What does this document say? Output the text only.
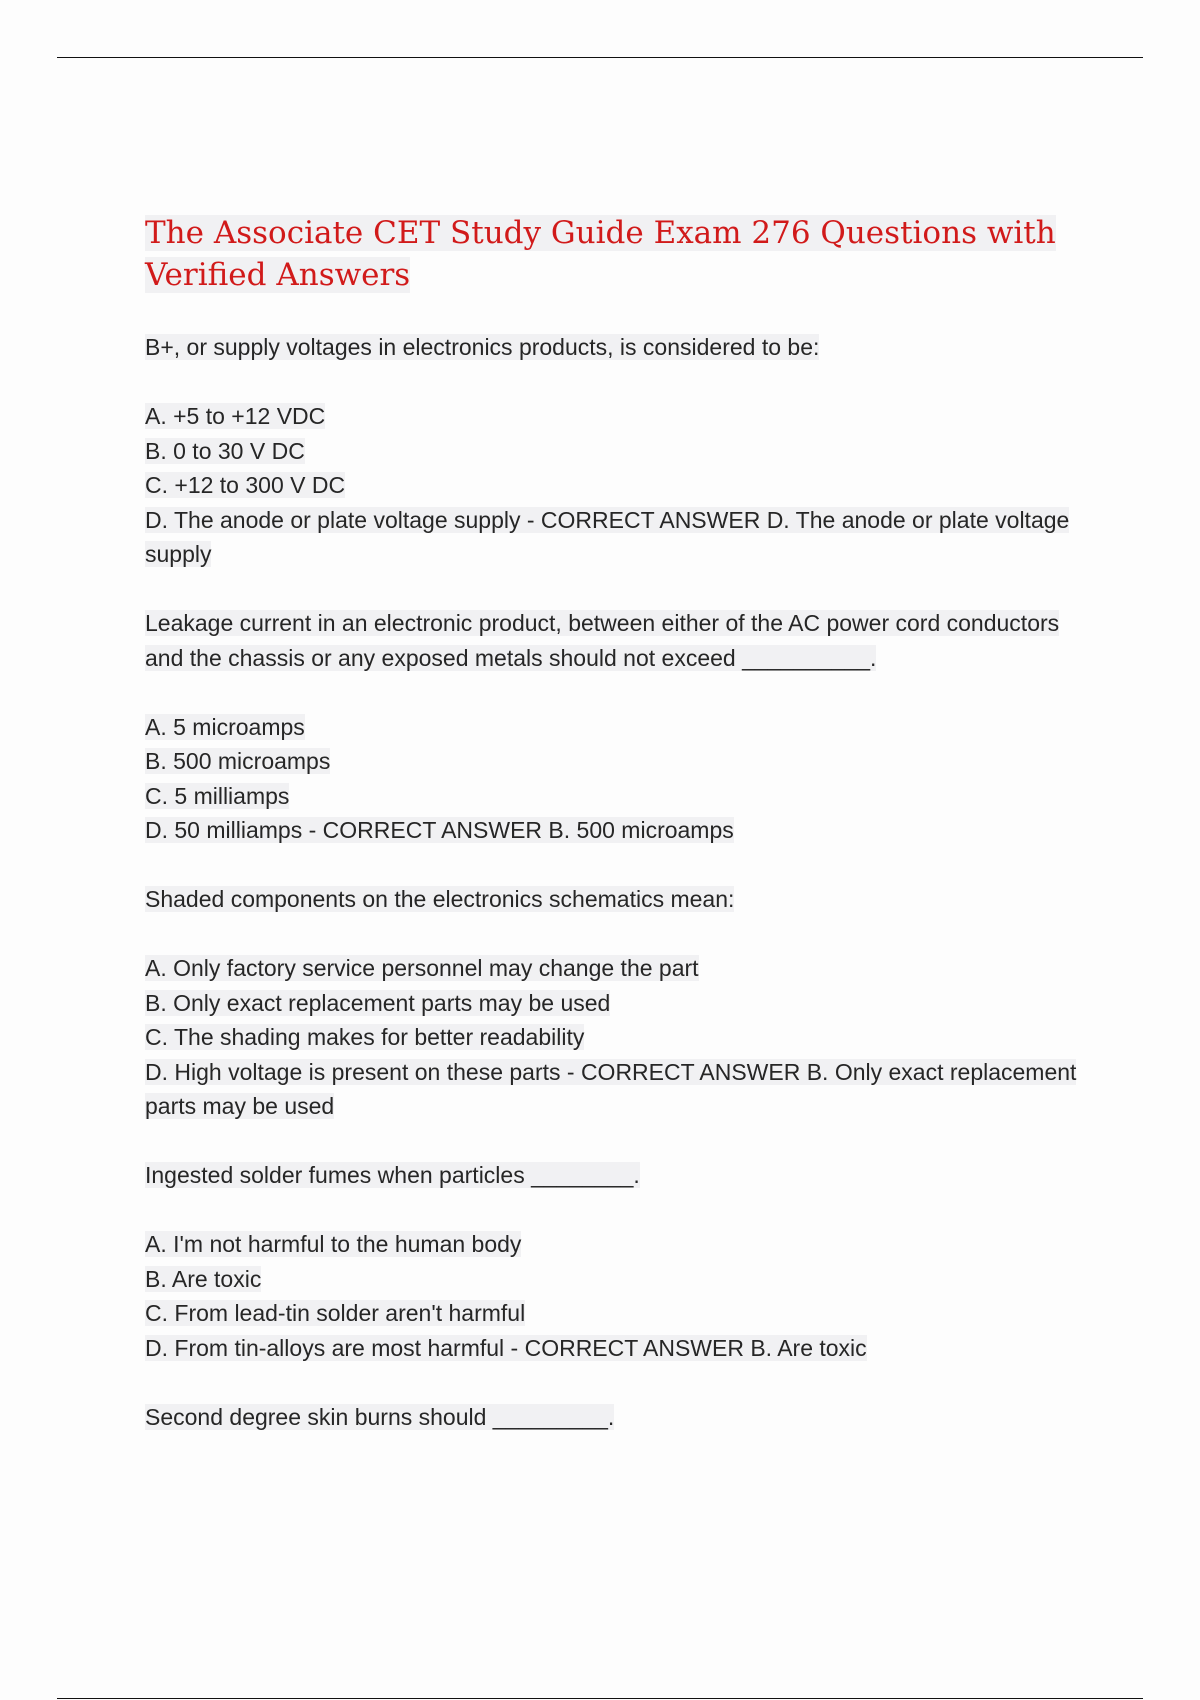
The Associate CET Study Guide Exam 276 Questions with Verified Answers

B+, or supply voltages in electronics products, is considered to be:

A. +5 to +12 VDC
B. 0 to 30 V DC
C. +12 to 300 V DC
D. The anode or plate voltage supply - CORRECT ANSWER D. The anode or plate voltage supply

Leakage current in an electronic product, between either of the AC power cord conductors and the chassis or any exposed metals should not exceed __________.

A. 5 microamps
B. 500 microamps
C. 5 milliamps
D. 50 milliamps - CORRECT ANSWER B. 500 microamps

Shaded components on the electronics schematics mean:

A. Only factory service personnel may change the part
B. Only exact replacement parts may be used
C. The shading makes for better readability
D. High voltage is present on these parts - CORRECT ANSWER B. Only exact replacement parts may be used

Ingested solder fumes when particles ________.

A. I'm not harmful to the human body
B. Are toxic
C. From lead-tin solder aren't harmful
D. From tin-alloys are most harmful - CORRECT ANSWER B. Are toxic

Second degree skin burns should _________.
